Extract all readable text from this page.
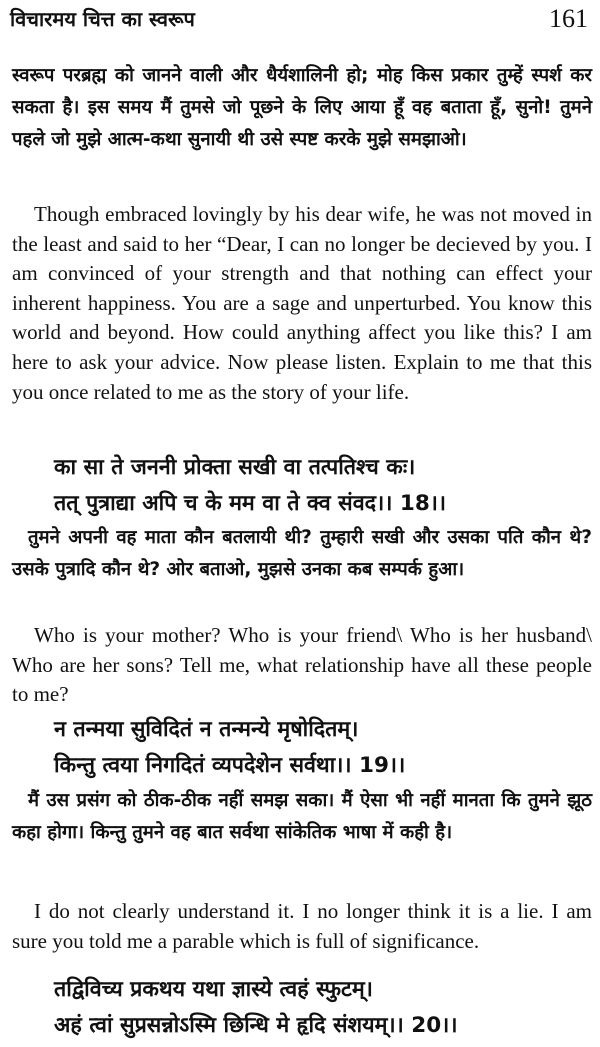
विचारमय चित्त का स्वरूप	161

स्वरूप परब्रह्म को जानने वाली और धैर्यशालिनी हो; मोह किस प्रकार तुम्हें स्पर्श कर सकता है। इस समय मैं तुमसे जो पूछने के लिए आया हूँ वह बताता हूँ, सुनो! तुमने पहले जो मुझे आत्म-कथा सुनायी थी उसे स्पष्ट करके मुझे समझाओ।

Though embraced lovingly by his dear wife, he was not moved in the least and said to her “Dear, I can no longer be decieved by you. I am convinced of your strength and that nothing can effect your inherent happiness. You are a sage and unperturbed. You know this world and beyond. How could anything affect you like this? I am here to ask your advice. Now please listen. Explain to me that this you once related to me as the story of your life.

का सा ते जननी प्रोक्ता सखी वा तत्पतिश्च कः।
तत् पुत्राद्या अपि च के मम वा ते क्व संवद।। 18।।

तुमने अपनी वह माता कौन बतलायी थी? तुम्हारी सखी और उसका पति कौन थे? उसके पुत्रादि कौन थे? ओर बताओ, मुझसे उनका कब सम्पर्क हुआ।

Who is your mother? Who is your friend\ Who is her husband\ Who are her sons? Tell me, what relationship have all these people to me?

न तन्मया सुविदितं न तन्मन्ये मृषोदितम्।
किन्तु त्वया निगदितं व्यपदेशेन सर्वथा।। 19।।

मैं उस प्रसंग को ठीक-ठीक नहीं समझ सका। मैं ऐसा भी नहीं मानता कि तुमने झूठ कहा होगा। किन्तु तुमने वह बात सर्वथा सांकेतिक भाषा में कही है।

I do not clearly understand it. I no longer think it is a lie. I am sure you told me a parable which is full of significance.

तद्विविच्य प्रकथय यथा ज्ञास्ये त्वहं स्फुटम्।
अहं त्वां सुप्रसन्नोऽस्मि छिन्धि मे हृदि संशयम्।। 20।।
